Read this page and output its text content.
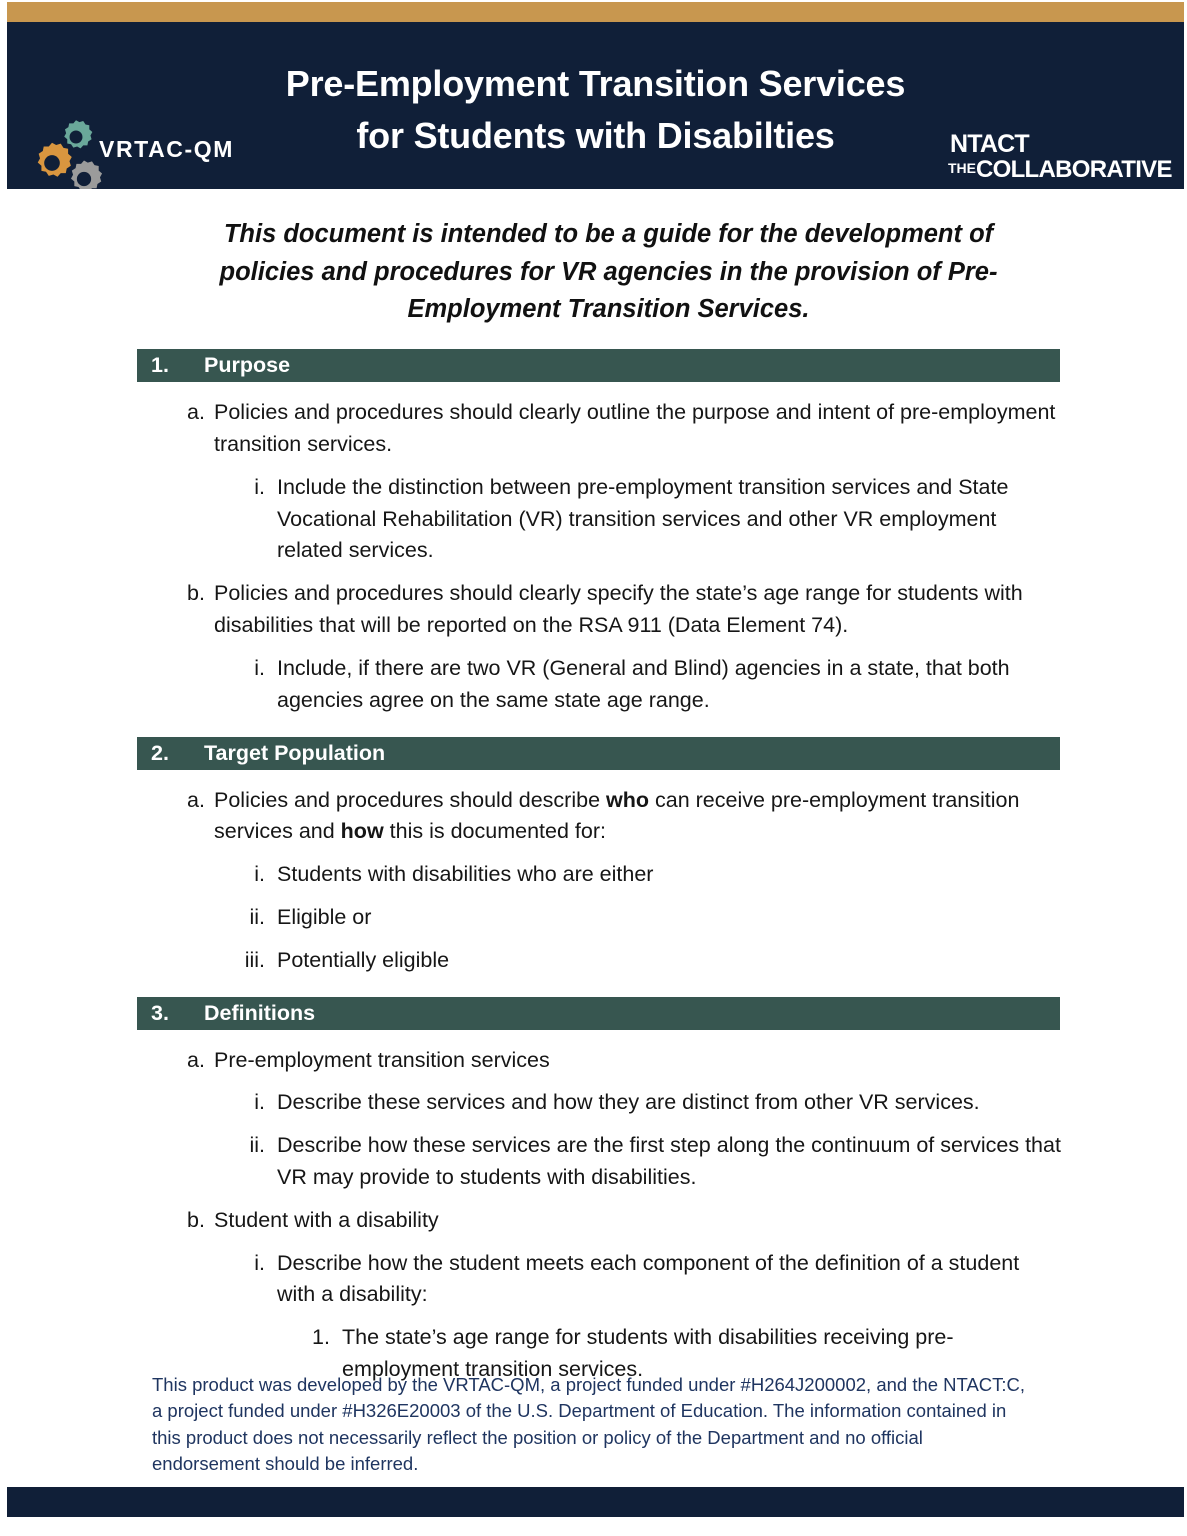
Pre-Employment Transition Services
for Students with Disabilties
VRTAC-QM	NTACT
THECOLLABORATIVE
This document is intended to be a guide for the development of policies and procedures for VR agencies in the provision of Pre-Employment Transition Services.
1.	Purpose
a. Policies and procedures should clearly outline the purpose and intent of pre-employment transition services.
i. Include the distinction between pre-employment transition services and State Vocational Rehabilitation (VR) transition services and other VR employment related services.
b. Policies and procedures should clearly specify the state’s age range for students with disabilities that will be reported on the RSA 911 (Data Element 74).
i. Include, if there are two VR (General and Blind) agencies in a state, that both agencies agree on the same state age range.
2.	Target Population
a. Policies and procedures should describe who can receive pre-employment transition services and how this is documented for:
i. Students with disabilities who are either
ii. Eligible or
iii. Potentially eligible
3.	Definitions
a. Pre-employment transition services
i. Describe these services and how they are distinct from other VR services.
ii. Describe how these services are the first step along the continuum of services that VR may provide to students with disabilities.
b. Student with a disability
i. Describe how the student meets each component of the definition of a student with a disability:
1. The state’s age range for students with disabilities receiving pre-employment transition services.
This product was developed by the VRTAC-QM, a project funded under #H264J200002, and the NTACT:C, a project funded under #H326E20003 of the U.S. Department of Education. The information contained in this product does not necessarily reflect the position or policy of the Department and no official endorsement should be inferred.
